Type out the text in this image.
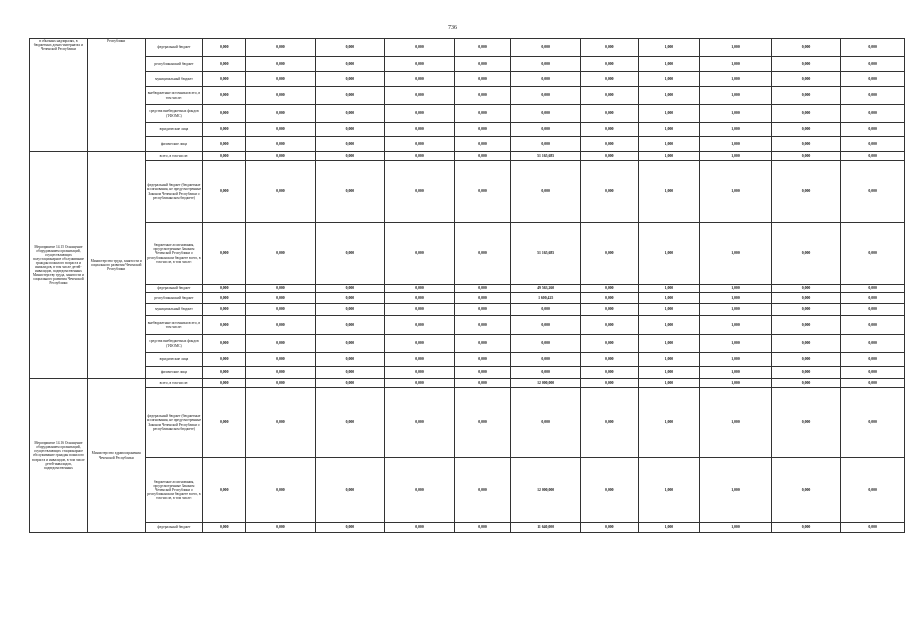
736
в обычных надзиралях, в бюджетных домах-интернатах и Чеченской Республики	Республики	федеральный бюджет	0,000	0,000	0,000	0,000	0,000	0,000	0,000	1,000	1,000	0,000	0,000
		республиканский бюджет	0,000	0,000	0,000	0,000	0,000	0,000	0,000	1,000	1,000	0,000	0,000
		муниципальный бюджет	0,000	0,000	0,000	0,000	0,000	0,000	0,000	1,000	1,000	0,000	0,000
		внебюджетные источники всего, в том числе:	0,000	0,000	0,000	0,000	0,000	0,000	0,000	1,000	1,000	0,000	0,000
		средства внебюджетных фондов (ТФОМС)	0,000	0,000	0,000	0,000	0,000	0,000	0,000	1,000	1,000	0,000	0,000
		юридические лица	0,000	0,000	0,000	0,000	0,000	0,000	0,000	1,000	1,000	0,000	0,000
		физические лица	0,000	0,000	0,000	0,000	0,000	0,000	0,000	1,000	1,000	0,000	0,000
Мероприятие 14.15 Оснащение оборудованием организаций, осуществляющих полустационарное обслуживание граждан пожилого возраста и инвалидов, в том числе детей-инвалидов, подведомственных Министерству труда, занятости и социального развития Чеченской Республики	Министерство труда, занятости и социального развития Чеченской Республики	всего, в том числе:	0,000	0,000	0,000	0,000	0,000	51 165,685	0,000	1,000	1,000	0,000	0,000
		федеральный бюджет (бюджетные ассигнования, не предусмотренные Законом Чеченской Республики о республиканском бюджете)	0,000	0,000	0,000	0,000	0,000	0,000	0,000	1,000	1,000	0,000	0,000
		бюджетные ассигнования, предусмотренные Законом Чеченской Республики о республиканском бюджете всего, в том числе, в том числе:	0,000	0,000	0,000	0,000	0,000	51 165,685	0,000	1,000	1,000	0,000	0,000
		федеральный бюджет	0,000	0,000	0,000	0,000	0,000	49 563,260	0,000	1,000	1,000	0,000	0,000
		республиканский бюджет	0,000	0,000	0,000	0,000	0,000	1 600,425	0,000	1,000	1,000	0,000	0,000
		муниципальный бюджет	0,000	0,000	0,000	0,000	0,000	0,000	0,000	1,000	1,000	0,000	0,000
		внебюджетные источники всего, в том числе:	0,000	0,000	0,000	0,000	0,000	0,000	0,000	1,000	1,000	0,000	0,000
		средства внебюджетных фондов (ТФОМС)	0,000	0,000	0,000	0,000	0,000	0,000	0,000	1,000	1,000	0,000	0,000
		юридические лица	0,000	0,000	0,000	0,000	0,000	0,000	0,000	1,000	1,000	0,000	0,000
		физические лица	0,000	0,000	0,000	0,000	0,000	0,000	0,000	1,000	1,000	0,000	0,000
Мероприятие 14.16 Оснащение оборудованием организаций, осуществляющих стационарное обслуживание граждан пожилого возраста и инвалидов, в том числе детей-инвалидов, подведомственных	Министерство здравоохранения Чеченской Республики	всего, в том числе:	0,000	0,000	0,000	0,000	0,000	12 000,000	0,000	1,000	1,000	0,000	0,000
		федеральный бюджет (бюджетные ассигнования, не предусмотренные Законом Чеченской Республики о республиканском бюджете)	0,000	0,000	0,000	0,000	0,000	0,000	0,000	1,000	1,000	0,000	0,000
		бюджетные ассигнования, предусмотренные Законом Чеченской Республики о республиканском бюджете всего, в том числе, в том числе:	0,000	0,000	0,000	0,000	0,000	12 000,000	0,000	1,000	1,000	0,000	0,000
		федеральный бюджет	0,000	0,000	0,000	0,000	0,000	11 640,000	0,000	1,000	1,000	0,000	0,000
